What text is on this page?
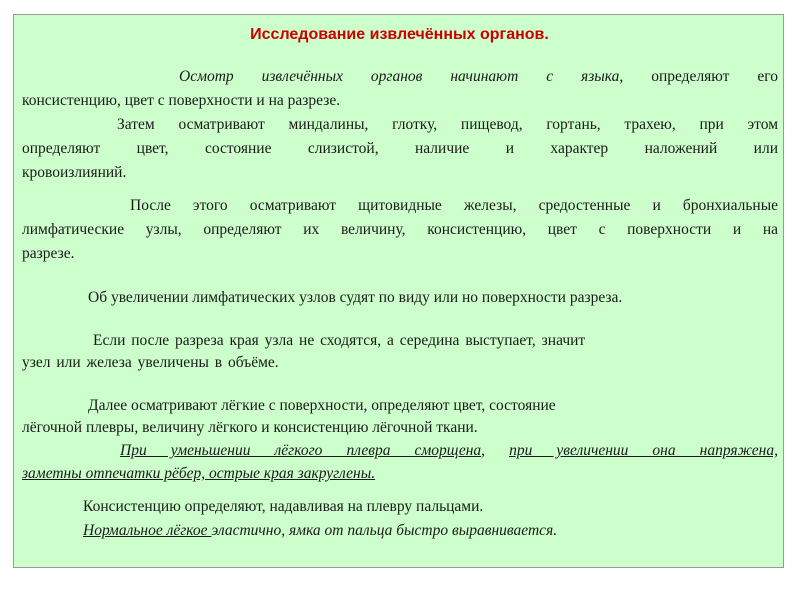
Исследование извлечённых органов.
Осмотр извлечённых органов начинают с языка, определяют его
консистенцию, цвет с поверхности и на разрезе.
Затем осматривают миндалины, глотку, пищевод, гортань, трахею, при этом
определяют цвет, состояние слизистой, наличие и характер наложений или
кровоизлияний.
После этого осматривают щитовидные железы, средостенные и бронхиальные
лимфатические узлы, определяют их величину, консистенцию, цвет с поверхности и на
разрезе.
Об увеличении лимфатических узлов судят по виду или но поверхности разреза.
Если после разреза края узла не сходятся, а середина выступает, значит
узел или железа увеличены в объёме.
Далее осматривают лёгкие с поверхности, определяют цвет, состояние
лёгочной плевры, величину лёгкого и консистенцию лёгочной ткани.
При уменьшении лёгкого плевра сморщена, при увеличении она напряжена,
заметны отпечатки рёбер, острые края закруглены.
Консистенцию определяют, надавливая на плевру пальцами.
Нормальное лёгкое эластично, ямка от пальца быстро выравнивается.
